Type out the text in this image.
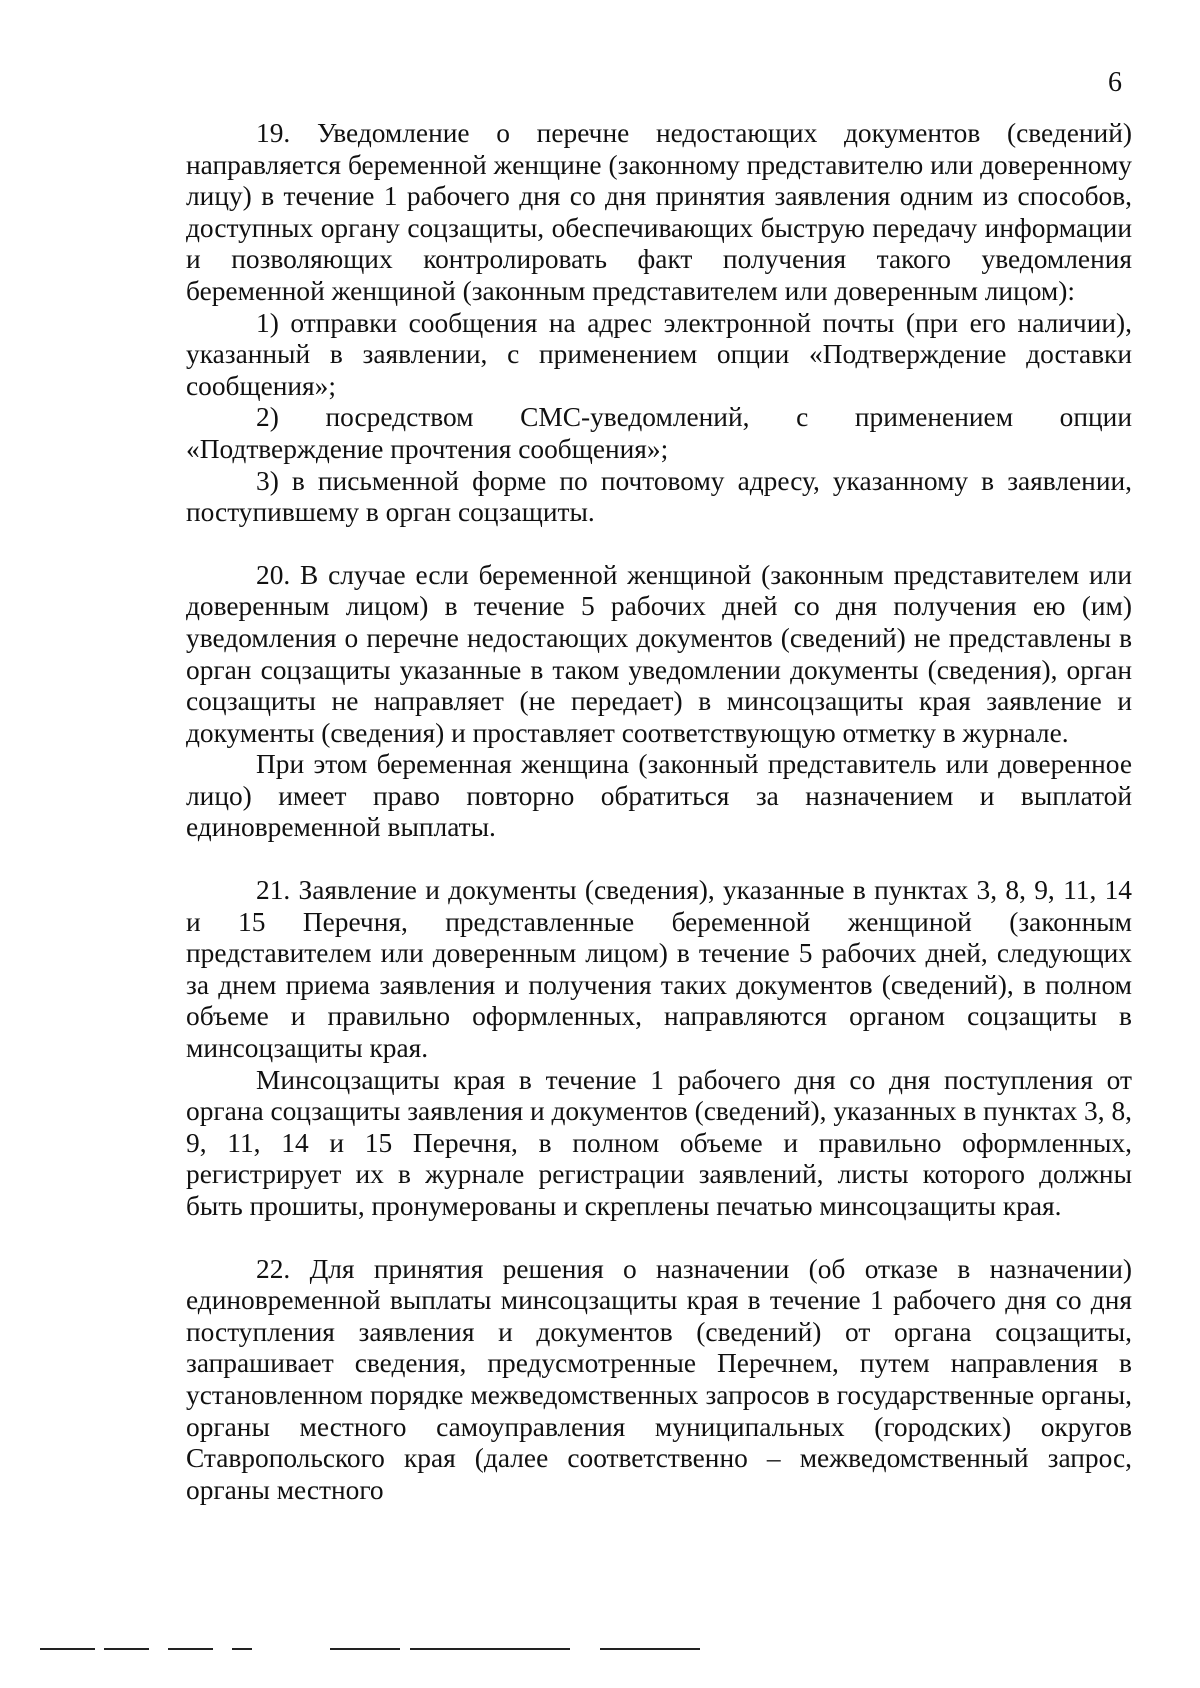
6

19. Уведомление о перечне недостающих документов (сведений) направляется беременной женщине (законному представителю или доверенному лицу) в течение 1 рабочего дня со дня принятия заявления одним из способов, доступных органу соцзащиты, обеспечивающих быструю передачу информации и позволяющих контролировать факт получения такого уведомления беременной женщиной (законным представителем или доверенным лицом):

1) отправки сообщения на адрес электронной почты (при его наличии), указанный в заявлении, с применением опции «Подтверждение доставки сообщения»;

2) посредством СМС-уведомлений, с применением опции «Подтверждение прочтения сообщения»;

3) в письменной форме по почтовому адресу, указанному в заявлении, поступившему в орган соцзащиты.

20. В случае если беременной женщиной (законным представителем или доверенным лицом) в течение 5 рабочих дней со дня получения ею (им) уведомления о перечне недостающих документов (сведений) не представлены в орган соцзащиты указанные в таком уведомлении документы (сведения), орган соцзащиты не направляет (не передает) в минсоцзащиты края заявление и документы (сведения) и проставляет соответствующую отметку в журнале.

При этом беременная женщина (законный представитель или доверенное лицо) имеет право повторно обратиться за назначением и выплатой единовременной выплаты.

21. Заявление и документы (сведения), указанные в пунктах 3, 8, 9, 11, 14 и 15 Перечня, представленные беременной женщиной (законным представителем или доверенным лицом) в течение 5 рабочих дней, следующих за днем приема заявления и получения таких документов (сведений), в полном объеме и правильно оформленных, направляются органом соцзащиты в минсоцзащиты края.

Минсоцзащиты края в течение 1 рабочего дня со дня поступления от органа соцзащиты заявления и документов (сведений), указанных в пунктах 3, 8, 9, 11, 14 и 15 Перечня, в полном объеме и правильно оформленных, регистрирует их в журнале регистрации заявлений, листы которого должны быть прошиты, пронумерованы и скреплены печатью минсоцзащиты края.

22. Для принятия решения о назначении (об отказе в назначении) единовременной выплаты минсоцзащиты края в течение 1 рабочего дня со дня поступления заявления и документов (сведений) от органа соцзащиты, запрашивает сведения, предусмотренные Перечнем, путем направления в установленном порядке межведомственных запросов в государственные органы, органы местного самоуправления муниципальных (городских) округов Ставропольского края (далее соответственно – межведомственный запрос, органы местного
